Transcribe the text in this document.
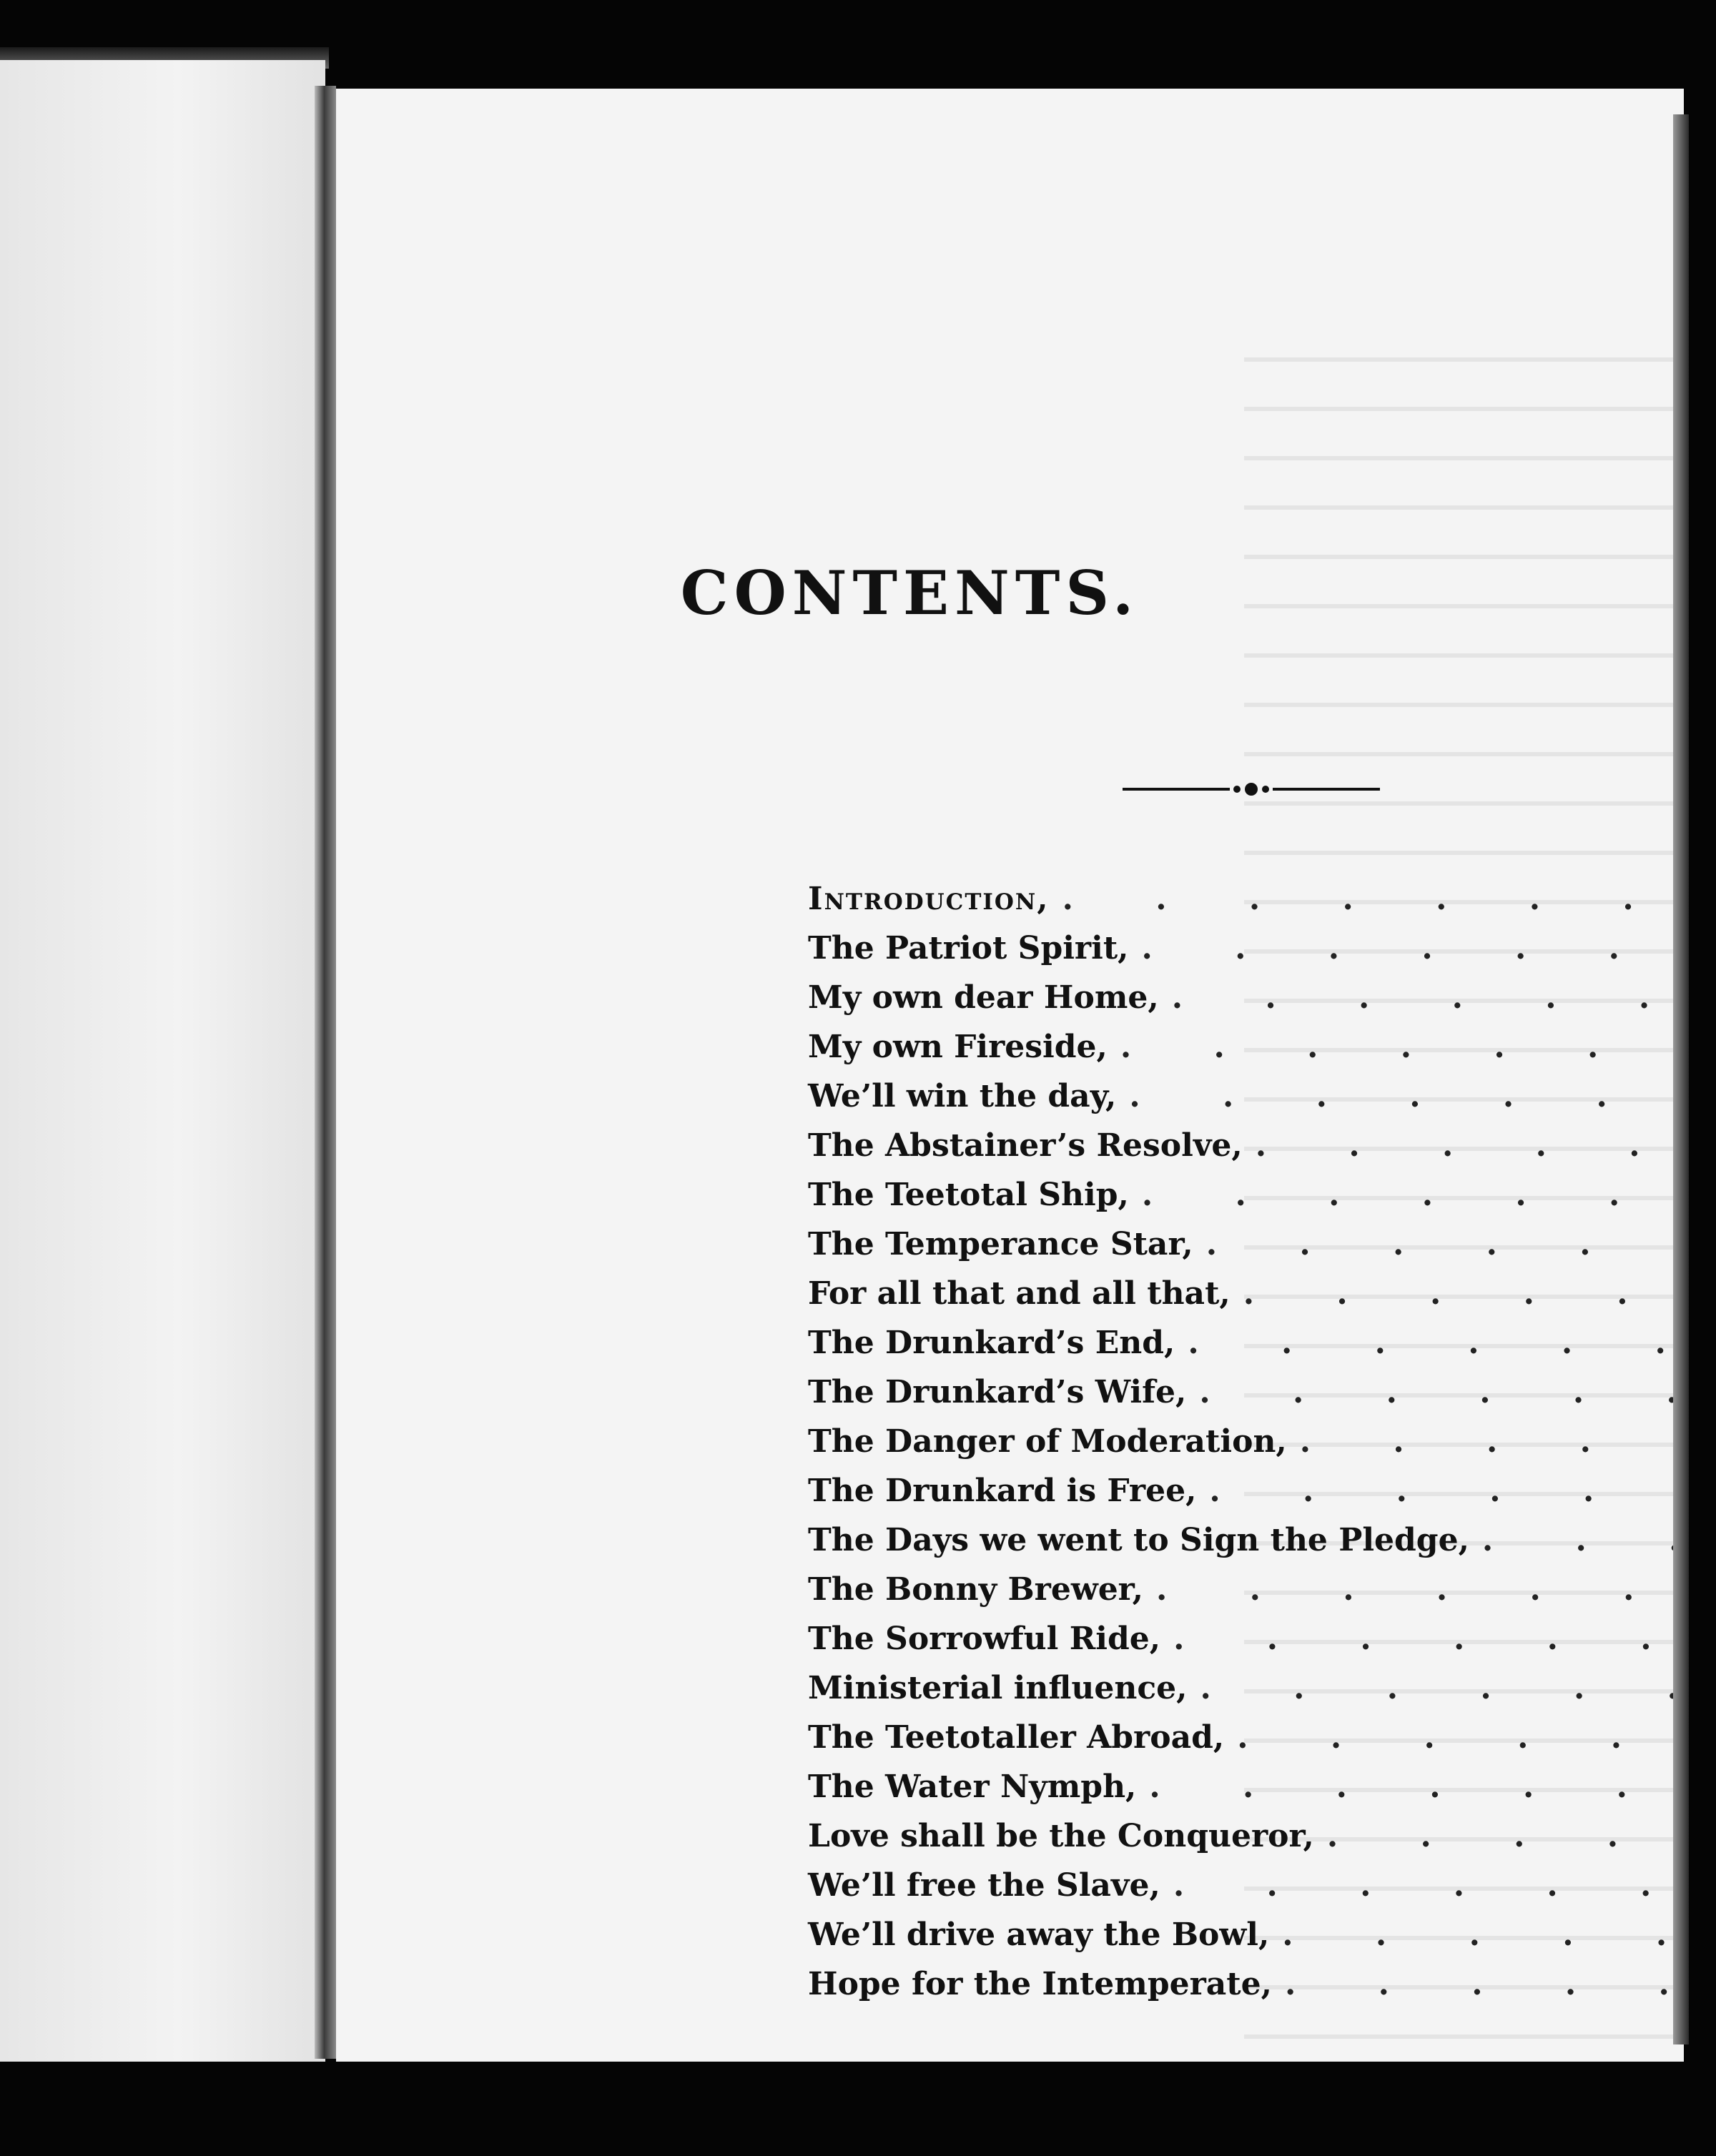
CONTENTS.
Introduction,
. . .
The Patriot Spirit,
. . .
My own dear Home,
. . .
My own Fireside,
. . .
We’ll win the day,
. . .
The Abstainer’s Resolve,
. . .
The Teetotal Ship,
. . .
The Temperance Star,
. . .
For all that and all that,
. . .
The Drunkard’s End,
. . .
The Drunkard’s Wife,
. . .
The Danger of Moderation,
. . .
The Drunkard is Free,
. . .
The Days we went to Sign the Pledge,
. . .
The Bonny Brewer,
. . .
The Sorrowful Ride,
. . .
Ministerial influence,
. . .
The Teetotaller Abroad,
. . .
The Water Nymph,
. . .
Love shall be the Conqueror,
. . .
We’ll free the Slave,
. . .
We’ll drive away the Bowl,
. . .
Hope for the Intemperate,
. . .
